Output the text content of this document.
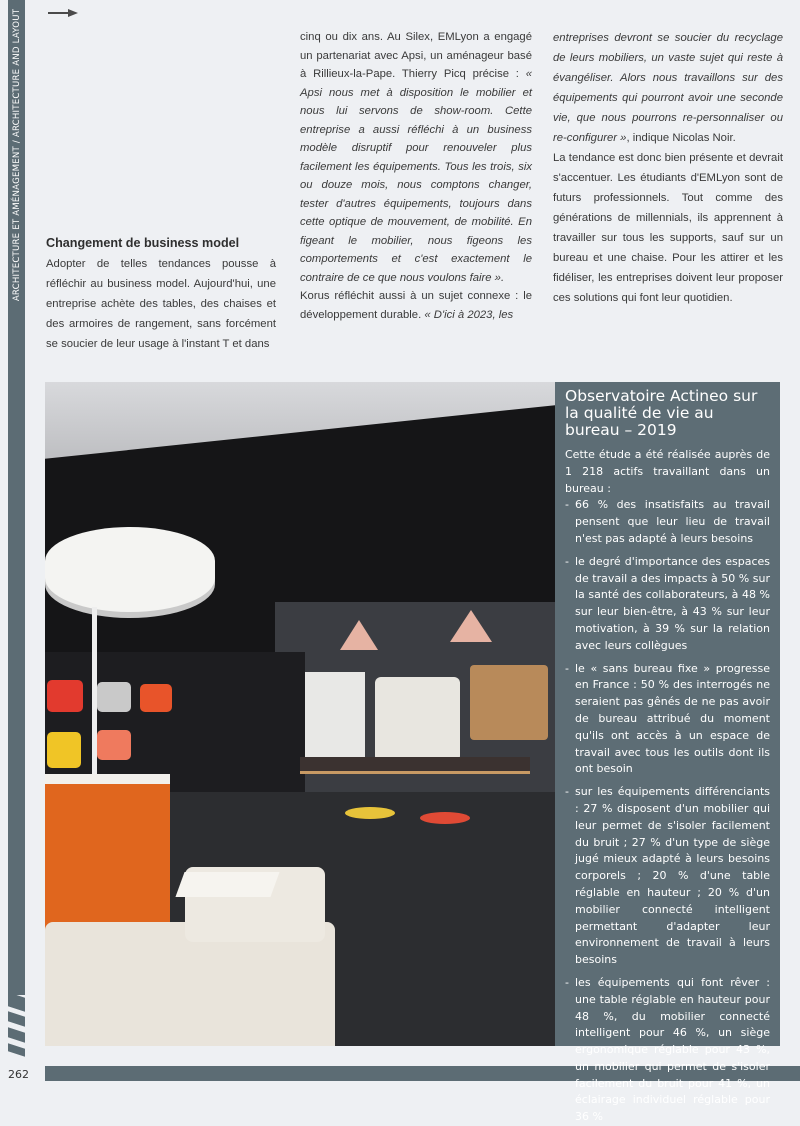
ARCHITECTURE ET AMÉNAGEMENT / ARCHITECTURE AND LAYOUT Changement de business model

Adopter de telles tendances pousse à réfléchir au business model. Aujourd'hui, une entreprise achète des tables, des chaises et des armoires de rangement, sans forcément se soucier de leur usage à l'instant T et dans

cinq ou dix ans. Au Silex, EMLyon a engagé un partenariat avec Apsi, un aménageur basé à Rillieux-la-Pape. Thierry Picq précise : « Apsi nous met à disposition le mobilier et nous lui servons de show-room. Cette entreprise a aussi réfléchi à un business modèle disruptif pour renouveler plus facilement les équipements. Tous les trois, six ou douze mois, nous comptons changer, tester d'autres équipements, toujours dans cette optique de mouvement, de mobilité. En figeant le mobilier, nous figeons les comportements et c'est exactement le contraire de ce que nous voulons faire ».

Korus réfléchit aussi à un sujet connexe : le développement durable. « D'ici à 2023, les

entreprises devront se soucier du recyclage de leurs mobiliers, un vaste sujet qui reste à évangéliser. Alors nous travaillons sur des équipements qui pourront avoir une seconde vie, que nous pourrons re-personnaliser ou re-configurer », indique Nicolas Noir.

La tendance est donc bien présente et devrait s'accentuer. Les étudiants d'EMLyon sont de futurs professionnels. Tout comme des générations de millennials, ils apprennent à travailler sur tous les supports, sauf sur un bureau et une chaise. Pour les attirer et les fidéliser, les entreprises doivent leur proposer ces solutions qui font leur quotidien.

Observatoire Actineo sur la qualité de vie au bureau – 2019

Cette étude a été réalisée auprès de 1 218 actifs travaillant dans un bureau :

- 66 % des insatisfaits au travail pensent que leur lieu de travail n'est pas adapté à leurs besoins
- le degré d'importance des espaces de travail a des impacts à 50 % sur la santé des collaborateurs, à 48 % sur leur bien-être, à 43 % sur leur motivation, à 39 % sur la relation avec leurs collègues
- le « sans bureau fixe » progresse en France : 50 % des interrogés ne seraient pas gênés de ne pas avoir de bureau attribué du moment qu'ils ont accès à un espace de travail avec tous les outils dont ils ont besoin
- sur les équipements différenciants : 27 % disposent d'un mobilier qui leur permet de s'isoler facilement du bruit ; 27 % d'un type de siège jugé mieux adapté à leurs besoins corporels ; 20 % d'une table réglable en hauteur ; 20 % d'un mobilier connecté intelligent permettant d'adapter leur environnement de travail à leurs besoins
- les équipements qui font rêver : une table réglable en hauteur pour 48 %, du mobilier connecté intelligent pour 46 %, un siège ergonomique réglable pour 43 %, un mobilier qui permet de s'isoler facilement du bruit pour 41 %, un éclairage individuel réglable pour 36 %
262
